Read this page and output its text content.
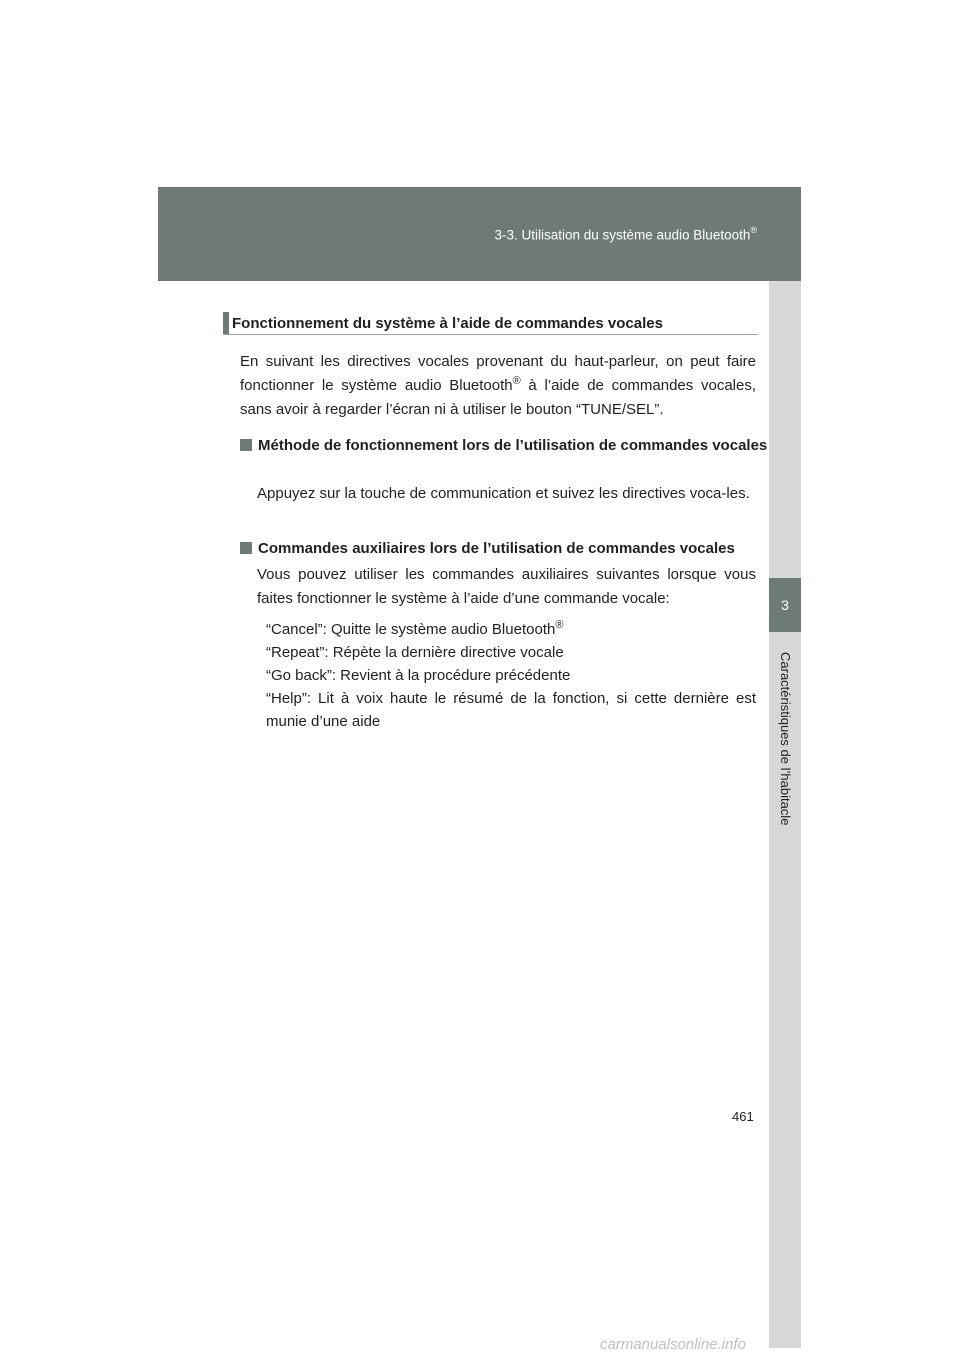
3-3. Utilisation du système audio Bluetooth®
3
Caractéristiques de l’habitacle
Fonctionnement du système à l’aide de commandes vocales
En suivant les directives vocales provenant du haut-parleur, on peut faire fonctionner le système audio Bluetooth® à l’aide de commandes vocales, sans avoir à regarder l’écran ni à utiliser le bouton “TUNE/SEL”.
Méthode de fonctionnement lors de l’utilisation de commandes vocales
Appuyez sur la touche de communication et suivez les directives voca-les.
Commandes auxiliaires lors de l’utilisation de commandes vocales
Vous pouvez utiliser les commandes auxiliaires suivantes lorsque vous faites fonctionner le système à l’aide d’une commande vocale:
“Cancel”: Quitte le système audio Bluetooth®
“Repeat”: Répète la dernière directive vocale
“Go back”: Revient à la procédure précédente
“Help”: Lit à voix haute le résumé de la fonction, si cette dernière est munie d’une aide
461
carmanualsonline.info
